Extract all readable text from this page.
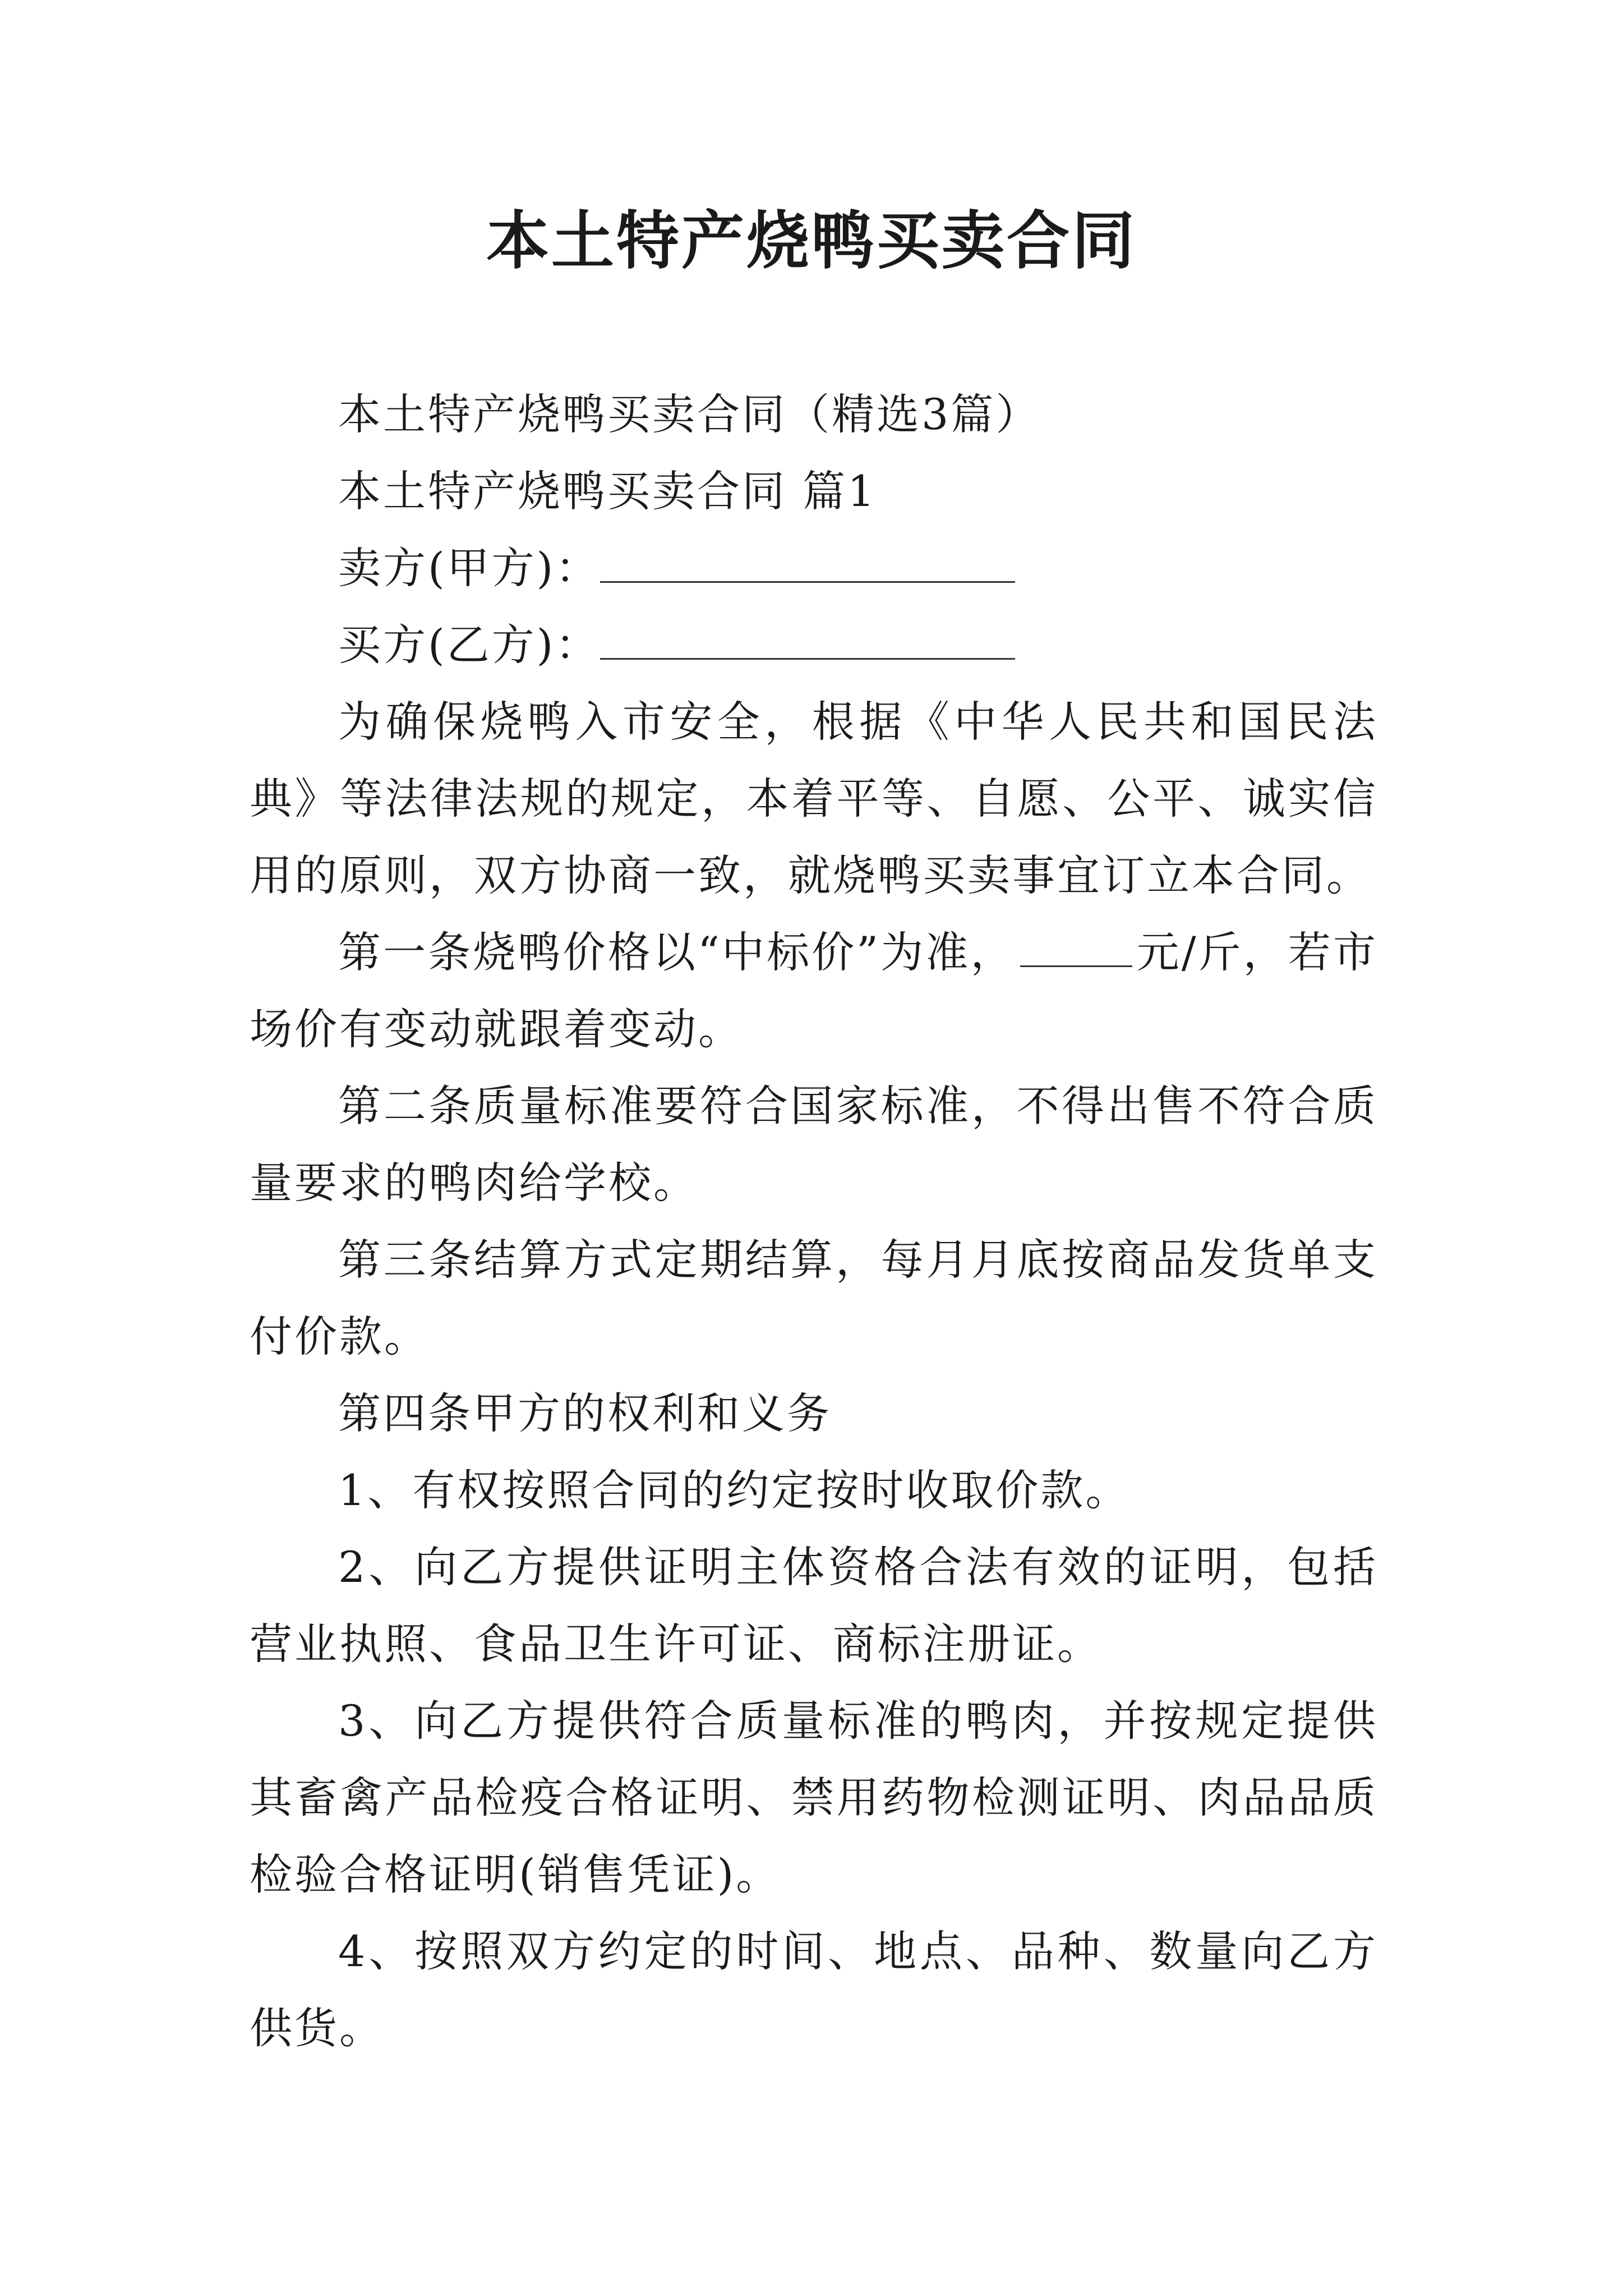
本土特产烧鸭买卖合同

本土特产烧鸭买卖合同（精选3篇）

本土特产烧鸭买卖合同 篇1

卖方(甲方)：

买方(乙方)：

为确保烧鸭入市安全，根据《中华人民共和国民法典》等法律法规的规定，本着平等、自愿、公平、诚实信用的原则，双方协商一致，就烧鸭买卖事宜订立本合同。

第一条烧鸭价格以“中标价”为准，	元/斤，若市场价有变动就跟着变动。

第二条质量标准要符合国家标准，不得出售不符合质量要求的鸭肉给学校。

第三条结算方式定期结算，每月月底按商品发货单支付价款。

第四条甲方的权利和义务

1、有权按照合同的约定按时收取价款。

2、向乙方提供证明主体资格合法有效的证明，包括营业执照、食品卫生许可证、商标注册证。

3、向乙方提供符合质量标准的鸭肉，并按规定提供其畜禽产品检疫合格证明、禁用药物检测证明、肉品品质检验合格证明(销售凭证)。

4、按照双方约定的时间、地点、品种、数量向乙方供货。
